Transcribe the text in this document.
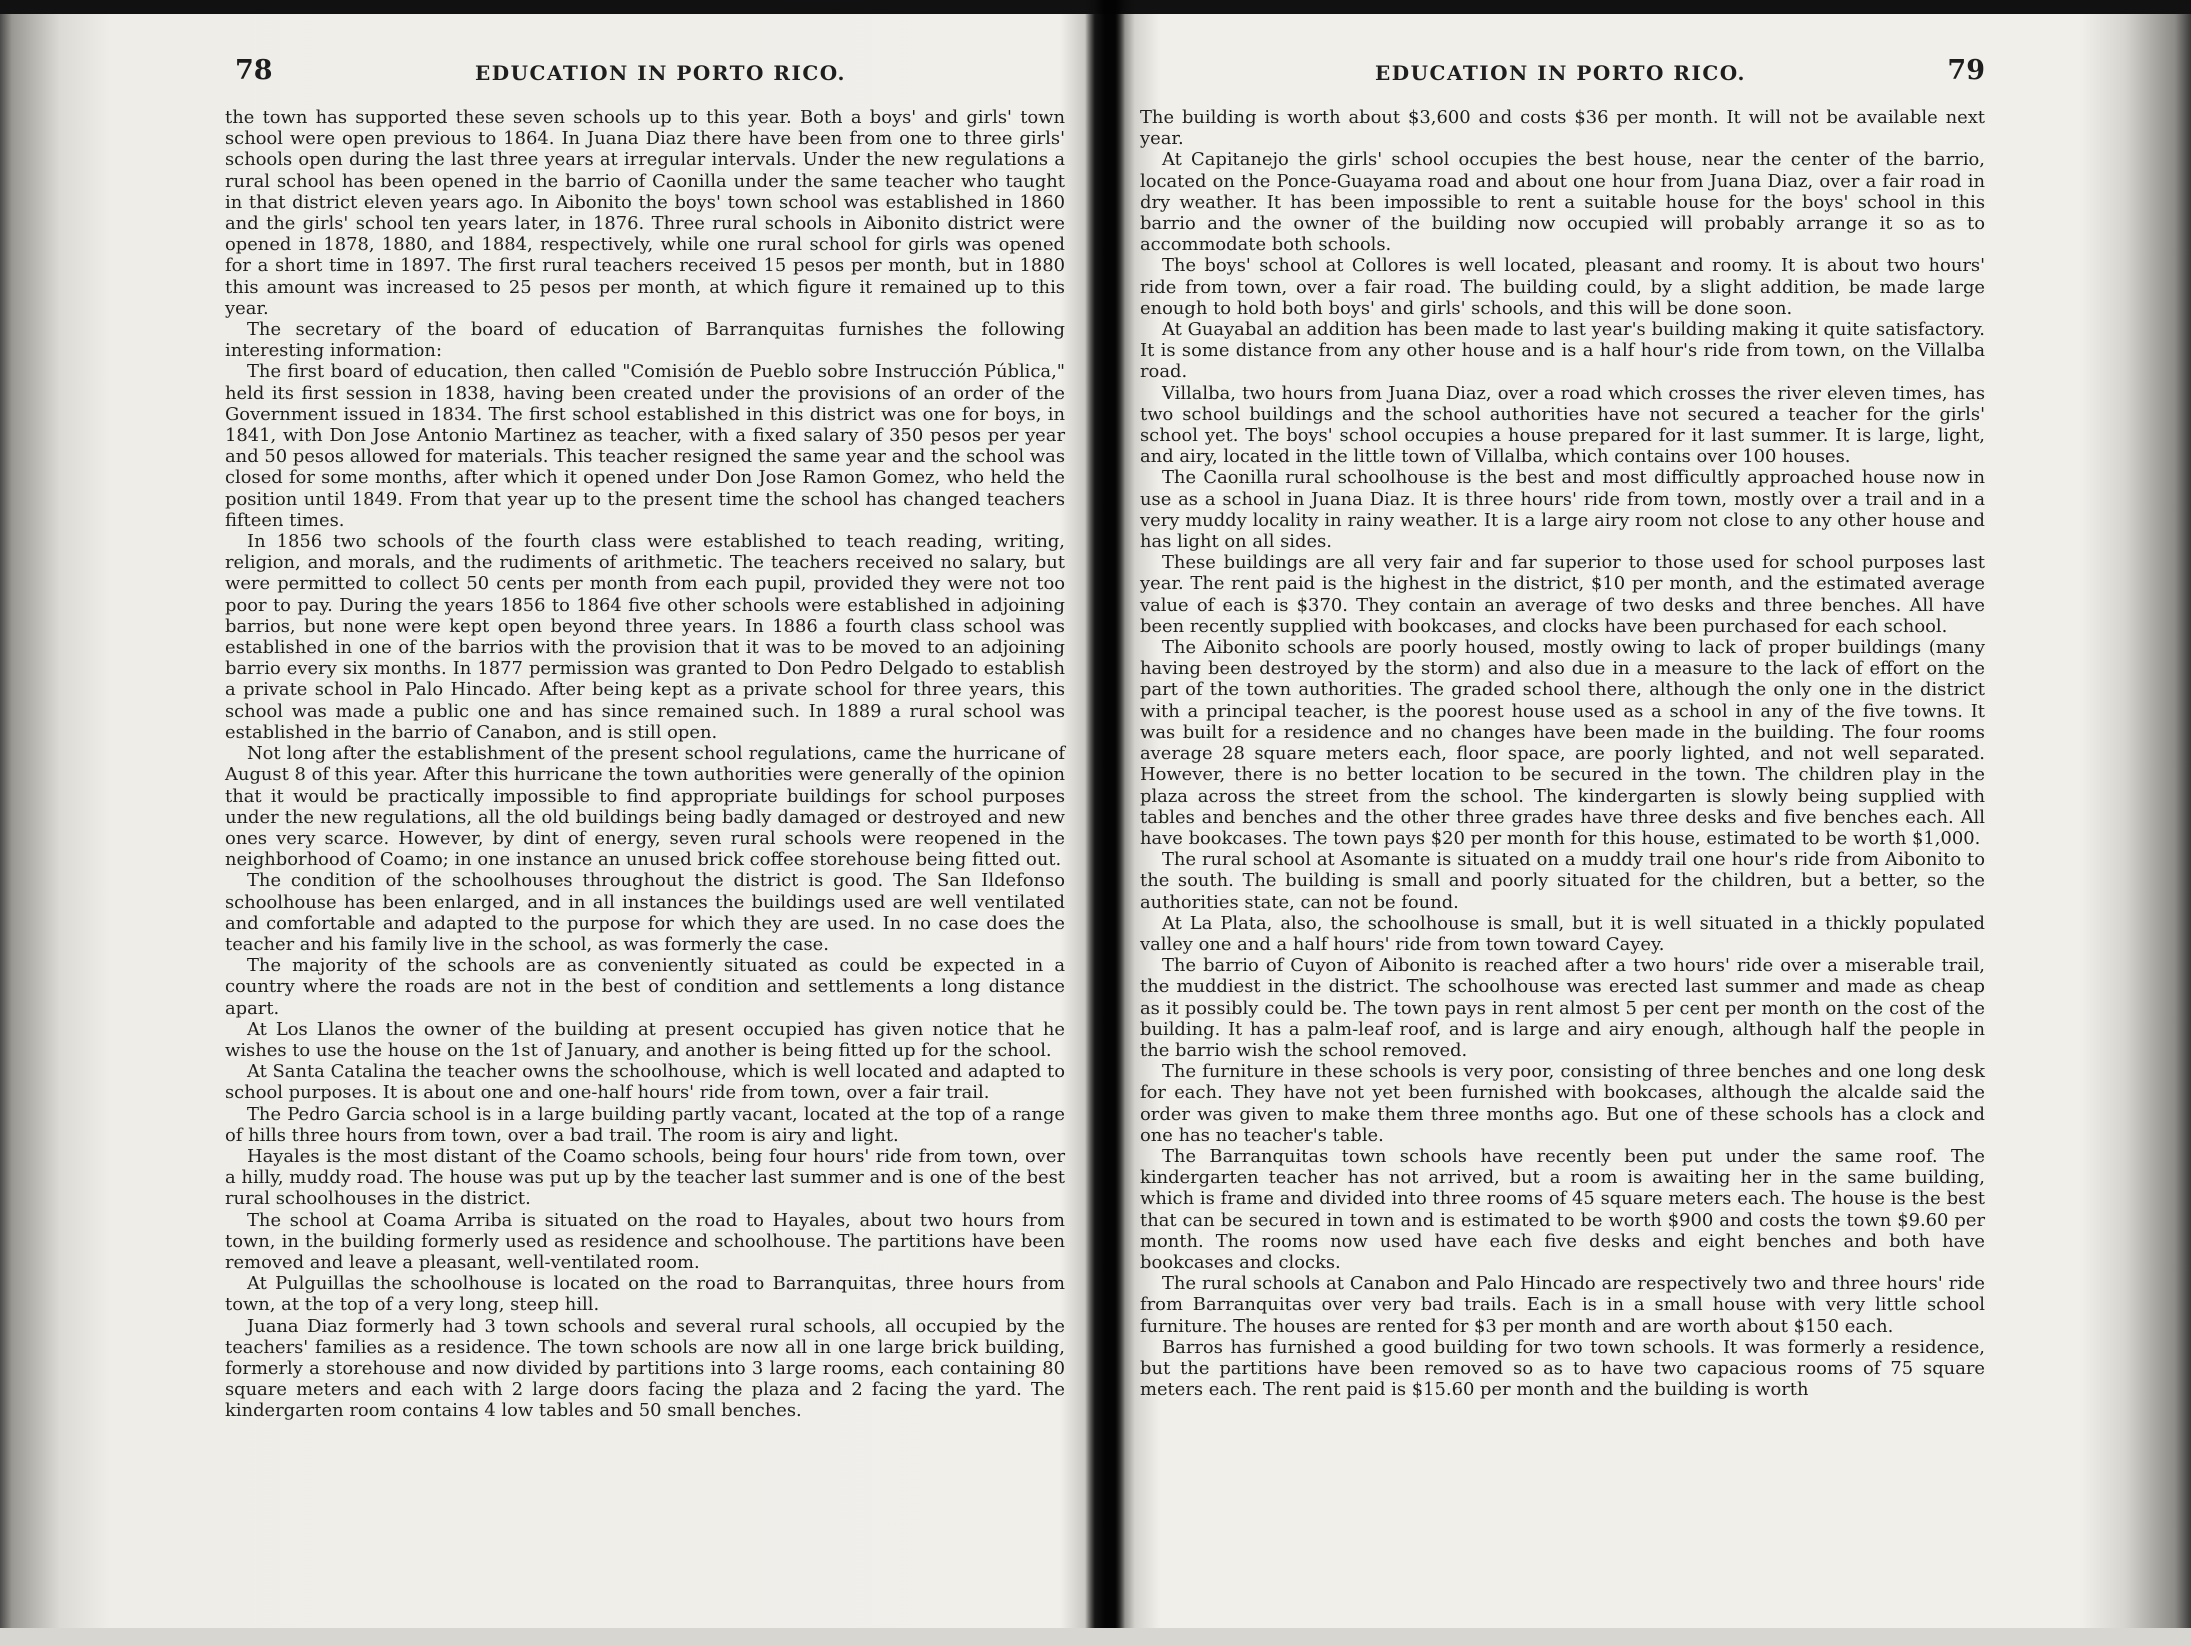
78	EDUCATION IN PORTO RICO.

the town has supported these seven schools up to this year. Both a boys' and girls' town school were open previous to 1864. In Juana Diaz there have been from one to three girls' schools open during the last three years at irregular intervals. Under the new regulations a rural school has been opened in the barrio of Caonilla under the same teacher who taught in that district eleven years ago. In Aibonito the boys' town school was established in 1860 and the girls' school ten years later, in 1876. Three rural schools in Aibonito district were opened in 1878, 1880, and 1884, respectively, while one rural school for girls was opened for a short time in 1897. The first rural teachers received 15 pesos per month, but in 1880 this amount was increased to 25 pesos per month, at which figure it remained up to this year.

The secretary of the board of education of Barranquitas furnishes the following interesting information:

The first board of education, then called "Comisión de Pueblo sobre Instrucción Pública," held its first session in 1838, having been created under the provisions of an order of the Government issued in 1834. The first school established in this district was one for boys, in 1841, with Don Jose Antonio Martinez as teacher, with a fixed salary of 350 pesos per year and 50 pesos allowed for materials. This teacher resigned the same year and the school was closed for some months, after which it opened under Don Jose Ramon Gomez, who held the position until 1849. From that year up to the present time the school has changed teachers fifteen times.

In 1856 two schools of the fourth class were established to teach reading, writing, religion, and morals, and the rudiments of arithmetic. The teachers received no salary, but were permitted to collect 50 cents per month from each pupil, provided they were not too poor to pay. During the years 1856 to 1864 five other schools were established in adjoining barrios, but none were kept open beyond three years. In 1886 a fourth class school was established in one of the barrios with the provision that it was to be moved to an adjoining barrio every six months. In 1877 permission was granted to Don Pedro Delgado to establish a private school in Palo Hincado. After being kept as a private school for three years, this school was made a public one and has since remained such. In 1889 a rural school was established in the barrio of Canabon, and is still open.

Not long after the establishment of the present school regulations, came the hurricane of August 8 of this year. After this hurricane the town authorities were generally of the opinion that it would be practically impossible to find appropriate buildings for school purposes under the new regulations, all the old buildings being badly damaged or destroyed and new ones very scarce. However, by dint of energy, seven rural schools were reopened in the neighborhood of Coamo; in one instance an unused brick coffee storehouse being fitted out.

The condition of the schoolhouses throughout the district is good. The San Ildefonso schoolhouse has been enlarged, and in all instances the buildings used are well ventilated and comfortable and adapted to the purpose for which they are used. In no case does the teacher and his family live in the school, as was formerly the case.

The majority of the schools are as conveniently situated as could be expected in a country where the roads are not in the best of condition and settlements a long distance apart.

At Los Llanos the owner of the building at present occupied has given notice that he wishes to use the house on the 1st of January, and another is being fitted up for the school.

At Santa Catalina the teacher owns the schoolhouse, which is well located and adapted to school purposes. It is about one and one-half hours' ride from town, over a fair trail.

The Pedro Garcia school is in a large building partly vacant, located at the top of a range of hills three hours from town, over a bad trail. The room is airy and light.

Hayales is the most distant of the Coamo schools, being four hours' ride from town, over a hilly, muddy road. The house was put up by the teacher last summer and is one of the best rural schoolhouses in the district.

The school at Coama Arriba is situated on the road to Hayales, about two hours from town, in the building formerly used as residence and schoolhouse. The partitions have been removed and leave a pleasant, well-ventilated room.

At Pulguillas the schoolhouse is located on the road to Barranquitas, three hours from town, at the top of a very long, steep hill.

Juana Diaz formerly had 3 town schools and several rural schools, all occupied by the teachers' families as a residence. The town schools are now all in one large brick building, formerly a storehouse and now divided by partitions into 3 large rooms, each containing 80 square meters and each with 2 large doors facing the plaza and 2 facing the yard. The kindergarten room contains 4 low tables and 50 small benches.

EDUCATION IN PORTO RICO.	79

The building is worth about $3,600 and costs $36 per month. It will not be available next year.

At Capitanejo the girls' school occupies the best house, near the center of the barrio, located on the Ponce-Guayama road and about one hour from Juana Diaz, over a fair road in dry weather. It has been impossible to rent a suitable house for the boys' school in this barrio and the owner of the building now occupied will probably arrange it so as to accommodate both schools.

The boys' school at Collores is well located, pleasant and roomy. It is about two hours' ride from town, over a fair road. The building could, by a slight addition, be made large enough to hold both boys' and girls' schools, and this will be done soon.

At Guayabal an addition has been made to last year's building making it quite satisfactory. It is some distance from any other house and is a half hour's ride from town, on the Villalba road.

Villalba, two hours from Juana Diaz, over a road which crosses the river eleven times, has two school buildings and the school authorities have not secured a teacher for the girls' school yet. The boys' school occupies a house prepared for it last summer. It is large, light, and airy, located in the little town of Villalba, which contains over 100 houses.

The Caonilla rural schoolhouse is the best and most difficultly approached house now in use as a school in Juana Diaz. It is three hours' ride from town, mostly over a trail and in a very muddy locality in rainy weather. It is a large airy room not close to any other house and has light on all sides.

These buildings are all very fair and far superior to those used for school purposes last year. The rent paid is the highest in the district, $10 per month, and the estimated average value of each is $370. They contain an average of two desks and three benches. All have been recently supplied with bookcases, and clocks have been purchased for each school.

The Aibonito schools are poorly housed, mostly owing to lack of proper buildings (many having been destroyed by the storm) and also due in a measure to the lack of effort on the part of the town authorities. The graded school there, although the only one in the district with a principal teacher, is the poorest house used as a school in any of the five towns. It was built for a residence and no changes have been made in the building. The four rooms average 28 square meters each, floor space, are poorly lighted, and not well separated. However, there is no better location to be secured in the town. The children play in the plaza across the street from the school. The kindergarten is slowly being supplied with tables and benches and the other three grades have three desks and five benches each. All have bookcases. The town pays $20 per month for this house, estimated to be worth $1,000.

The rural school at Asomante is situated on a muddy trail one hour's ride from Aibonito to the south. The building is small and poorly situated for the children, but a better, so the authorities state, can not be found.

At La Plata, also, the schoolhouse is small, but it is well situated in a thickly populated valley one and a half hours' ride from town toward Cayey.

The barrio of Cuyon of Aibonito is reached after a two hours' ride over a miserable trail, the muddiest in the district. The schoolhouse was erected last summer and made as cheap as it possibly could be. The town pays in rent almost 5 per cent per month on the cost of the building. It has a palm-leaf roof, and is large and airy enough, although half the people in the barrio wish the school removed.

The furniture in these schools is very poor, consisting of three benches and one long desk for each. They have not yet been furnished with bookcases, although the alcalde said the order was given to make them three months ago. But one of these schools has a clock and one has no teacher's table.

The Barranquitas town schools have recently been put under the same roof. The kindergarten teacher has not arrived, but a room is awaiting her in the same building, which is frame and divided into three rooms of 45 square meters each. The house is the best that can be secured in town and is estimated to be worth $900 and costs the town $9.60 per month. The rooms now used have each five desks and eight benches and both have bookcases and clocks.

The rural schools at Canabon and Palo Hincado are respectively two and three hours' ride from Barranquitas over very bad trails. Each is in a small house with very little school furniture. The houses are rented for $3 per month and are worth about $150 each.

Barros has furnished a good building for two town schools. It was formerly a residence, but the partitions have been removed so as to have two capacious rooms of 75 square meters each. The rent paid is $15.60 per month and the building is worth
